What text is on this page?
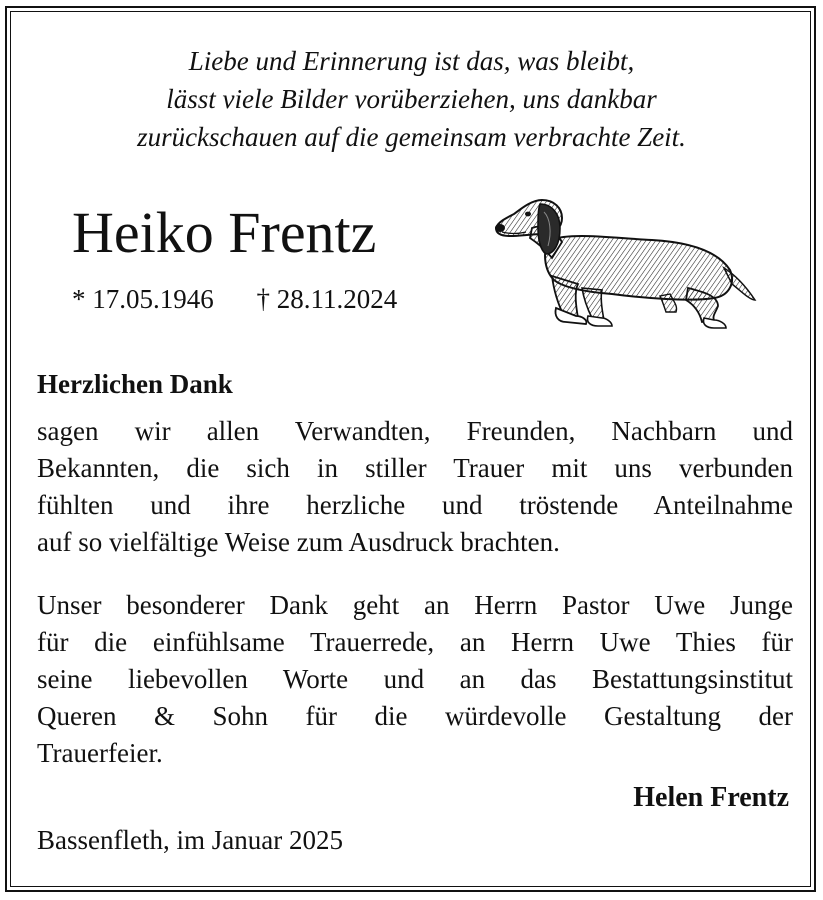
Liebe und Erinnerung ist das, was bleibt,
lässt viele Bilder vorüberziehen, uns dankbar
zurückschauen auf die gemeinsam verbrachte Zeit.
Heiko Frentz
* 17.05.1946 † 28.11.2024
Herzlichen Dank
sagen wir allen Verwandten, Freunden, Nachbarn und
Bekannten, die sich in stiller Trauer mit uns verbunden
fühlten und ihre herzliche und tröstende Anteilnahme
auf so vielfältige Weise zum Ausdruck brachten.
Unser besonderer Dank geht an Herrn Pastor Uwe Junge
für die einfühlsame Trauerrede, an Herrn Uwe Thies für
seine liebevollen Worte und an das Bestattungsinstitut
Queren & Sohn für die würdevolle Gestaltung der
Trauerfeier.
Helen Frentz
Bassenfleth, im Januar 2025
